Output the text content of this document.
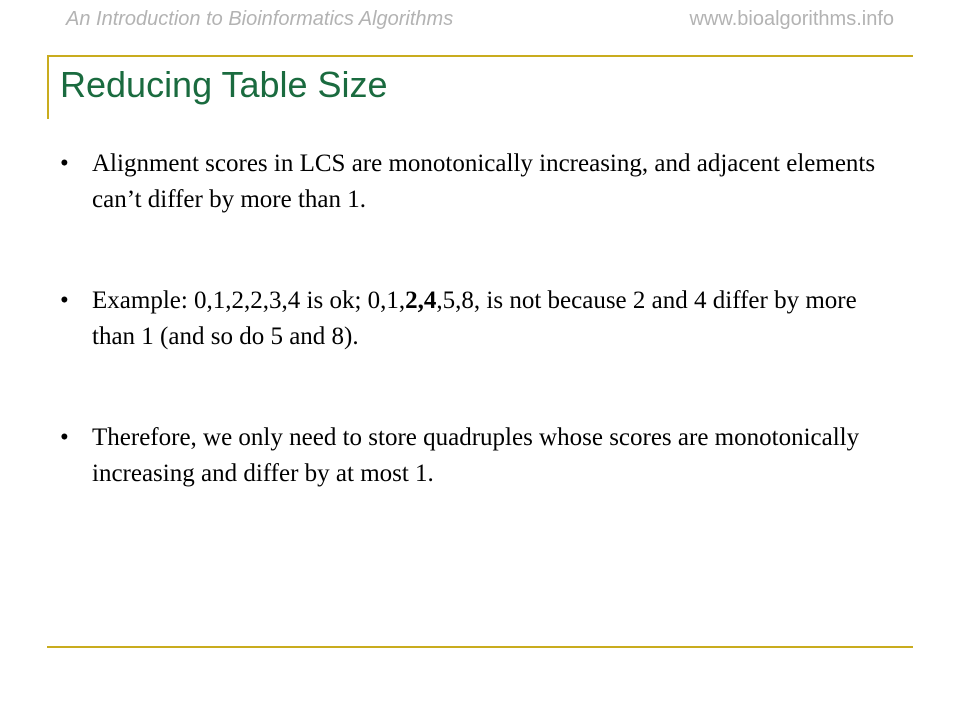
An Introduction to Bioinformatics Algorithms	www.bioalgorithms.info
Reducing Table Size
• Alignment scores in LCS are monotonically increasing, and adjacent elements can’t differ by more than 1.
• Example: 0,1,2,2,3,4 is ok; 0,1,2,4,5,8, is not because 2 and 4 differ by more than 1 (and so do 5 and 8).
• Therefore, we only need to store quadruples whose scores are monotonically increasing and differ by at most 1.
